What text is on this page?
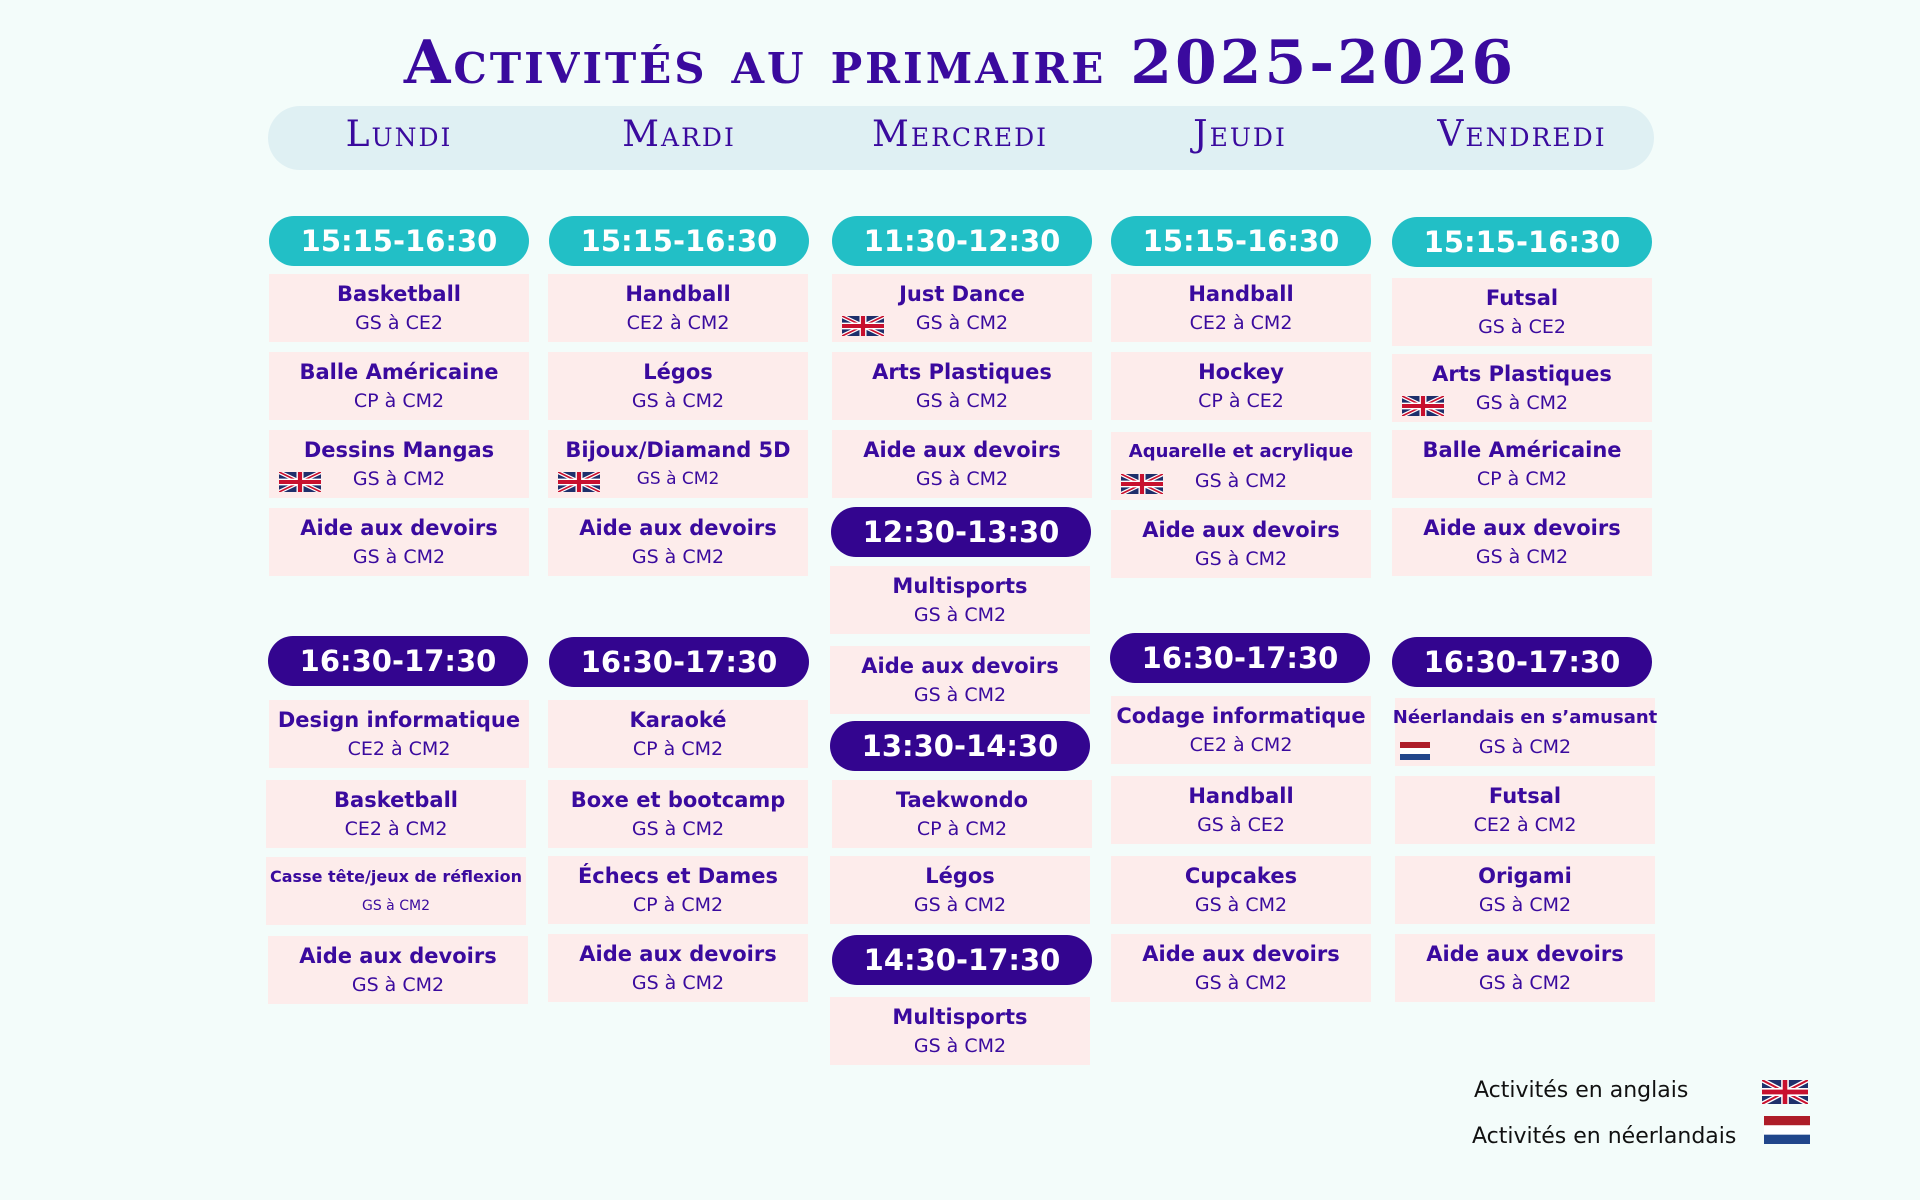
Activités au primaire 2025-2026
Lundi	Mardi	Mercredi	Jeudi	Vendredi
15:15-16:30
Basketball
GS à CE2
Balle Américaine
CP à CM2
Dessins Mangas
GS à CM2
Aide aux devoirs
GS à CM2
16:30-17:30
Design informatique
CE2 à CM2
Basketball
CE2 à CM2
Casse tête/jeux de réflexion
GS à CM2
Aide aux devoirs
GS à CM2
15:15-16:30
Handball
CE2 à CM2
Légos
GS à CM2
Bijoux/Diamand 5D
GS à CM2
Aide aux devoirs
GS à CM2
16:30-17:30
Karaoké
CP à CM2
Boxe et bootcamp
GS à CM2
Échecs et Dames
CP à CM2
Aide aux devoirs
GS à CM2
11:30-12:30
Just Dance
GS à CM2
Arts Plastiques
GS à CM2
Aide aux devoirs
GS à CM2
12:30-13:30
Multisports
GS à CM2
Aide aux devoirs
GS à CM2
13:30-14:30
Taekwondo
CP à CM2
Légos
GS à CM2
14:30-17:30
Multisports
GS à CM2
15:15-16:30
Handball
CE2 à CM2
Hockey
CP à CE2
Aquarelle et acrylique
GS à CM2
Aide aux devoirs
GS à CM2
16:30-17:30
Codage informatique
CE2 à CM2
Handball
GS à CE2
Cupcakes
GS à CM2
Aide aux devoirs
GS à CM2
15:15-16:30
Futsal
GS à CE2
Arts Plastiques
GS à CM2
Balle Américaine
CP à CM2
Aide aux devoirs
GS à CM2
16:30-17:30
Néerlandais en s’amusant
GS à CM2
Futsal
CE2 à CM2
Origami
GS à CM2
Aide aux devoirs
GS à CM2
Activités en anglais
Activités en néerlandais
